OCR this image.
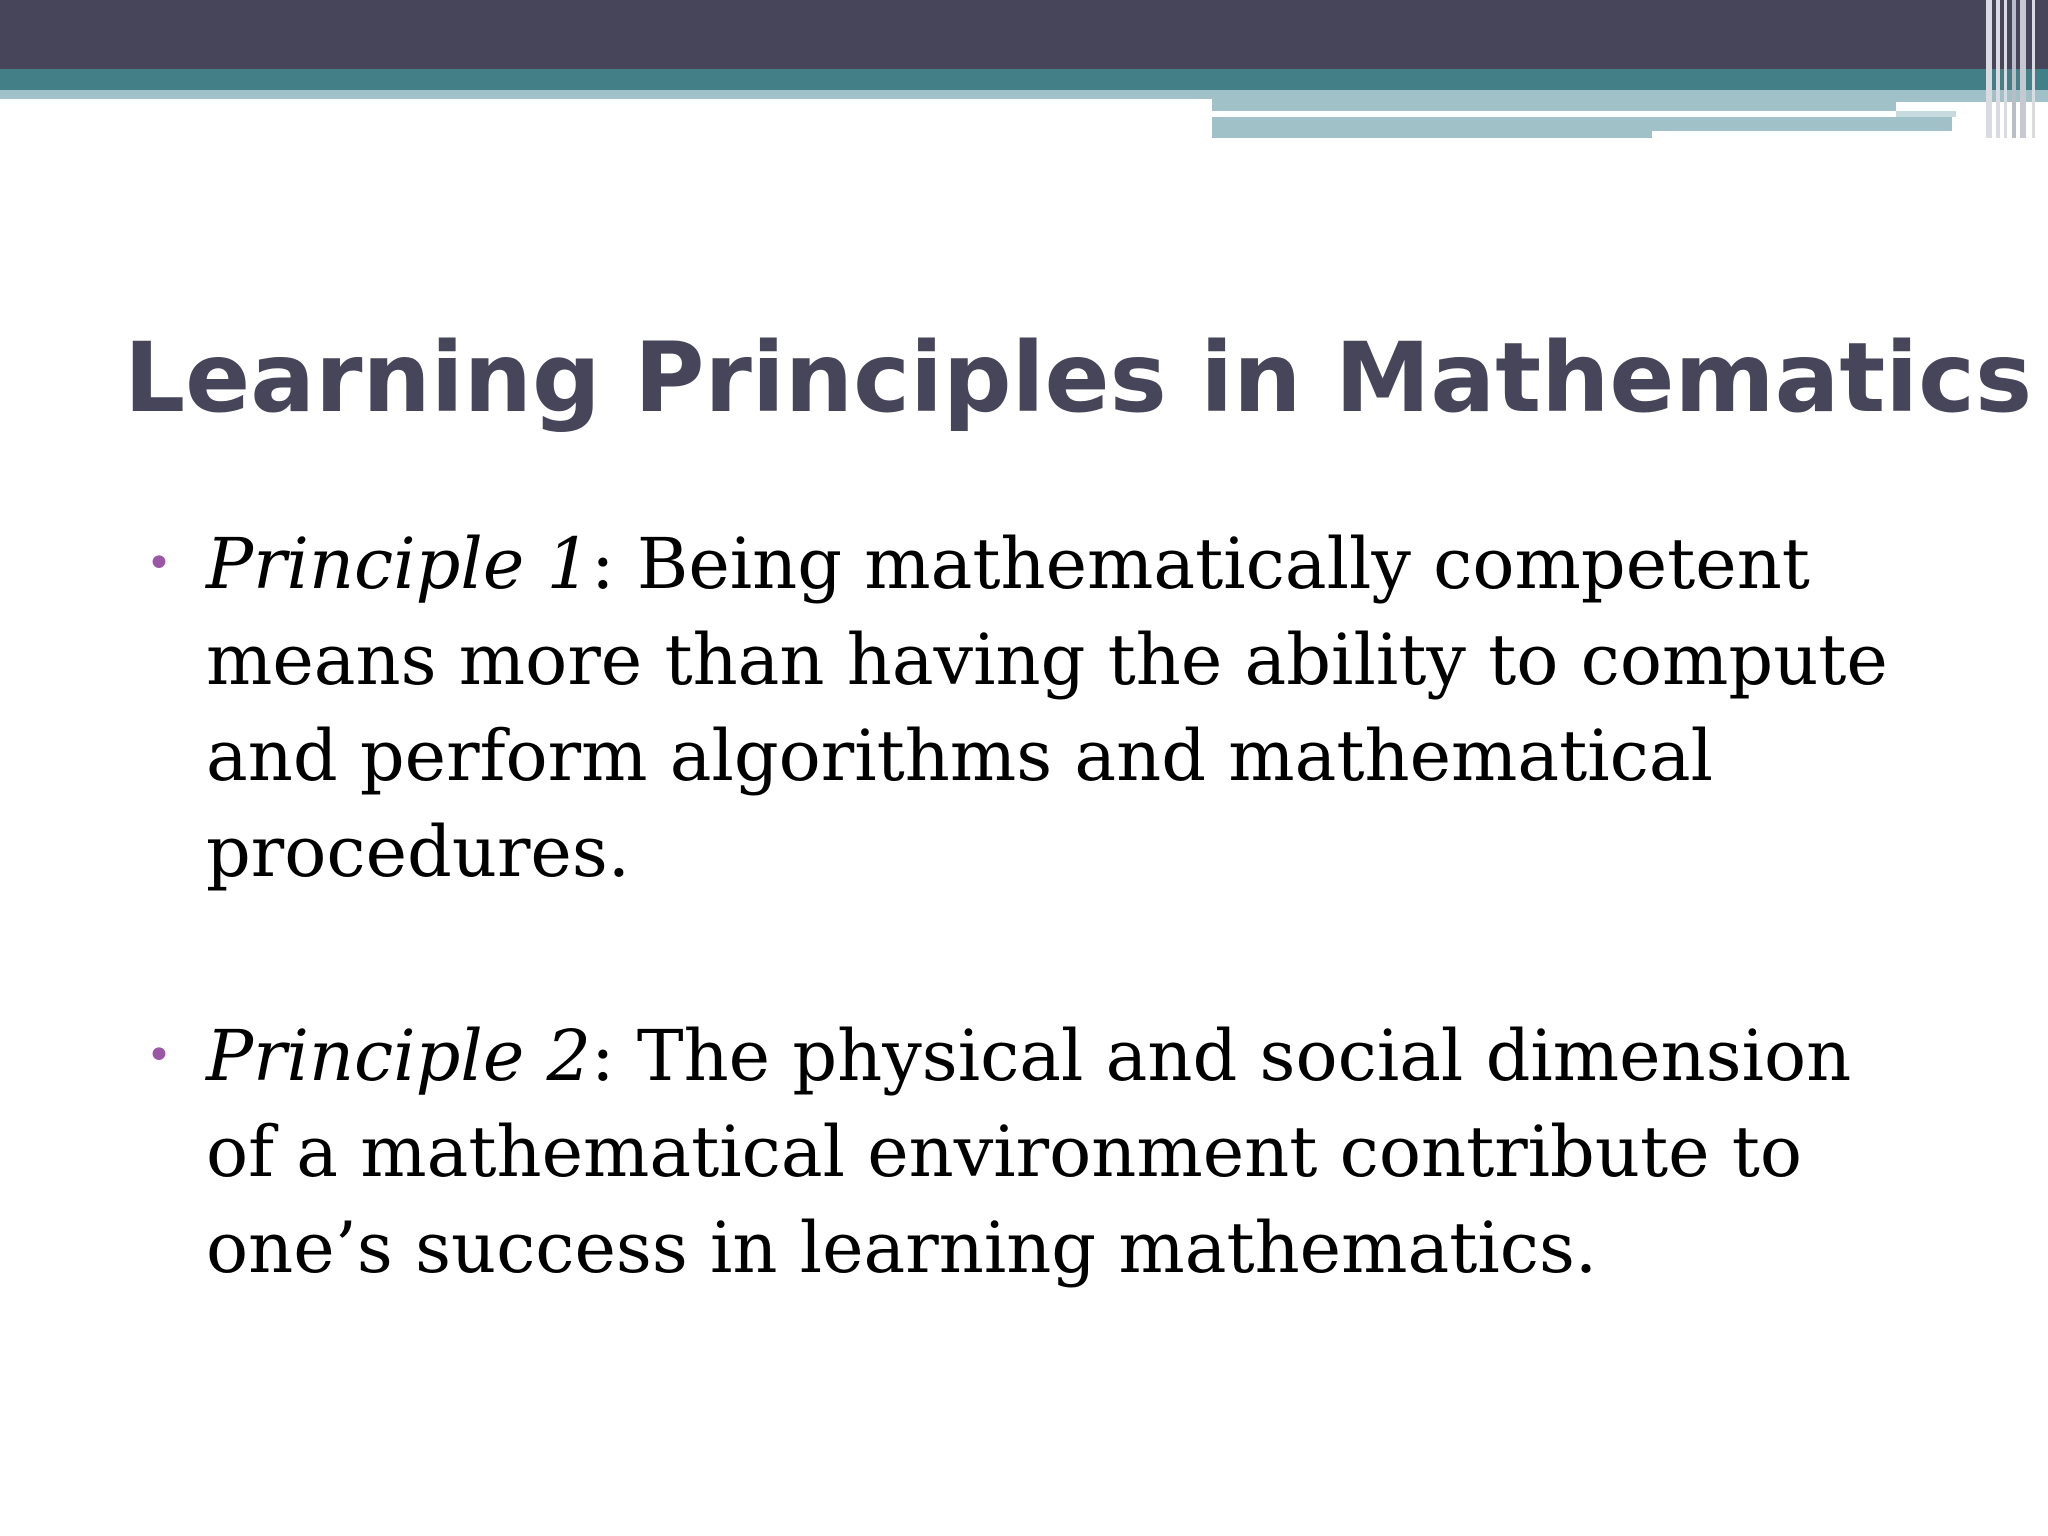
Learning Principles in Mathematics
• Principle 1: Being mathematically competent means more than having the ability to compute and perform algorithms and mathematical procedures.
• Principle 2: The physical and social dimension of a mathematical environment contribute to one’s success in learning mathematics.
